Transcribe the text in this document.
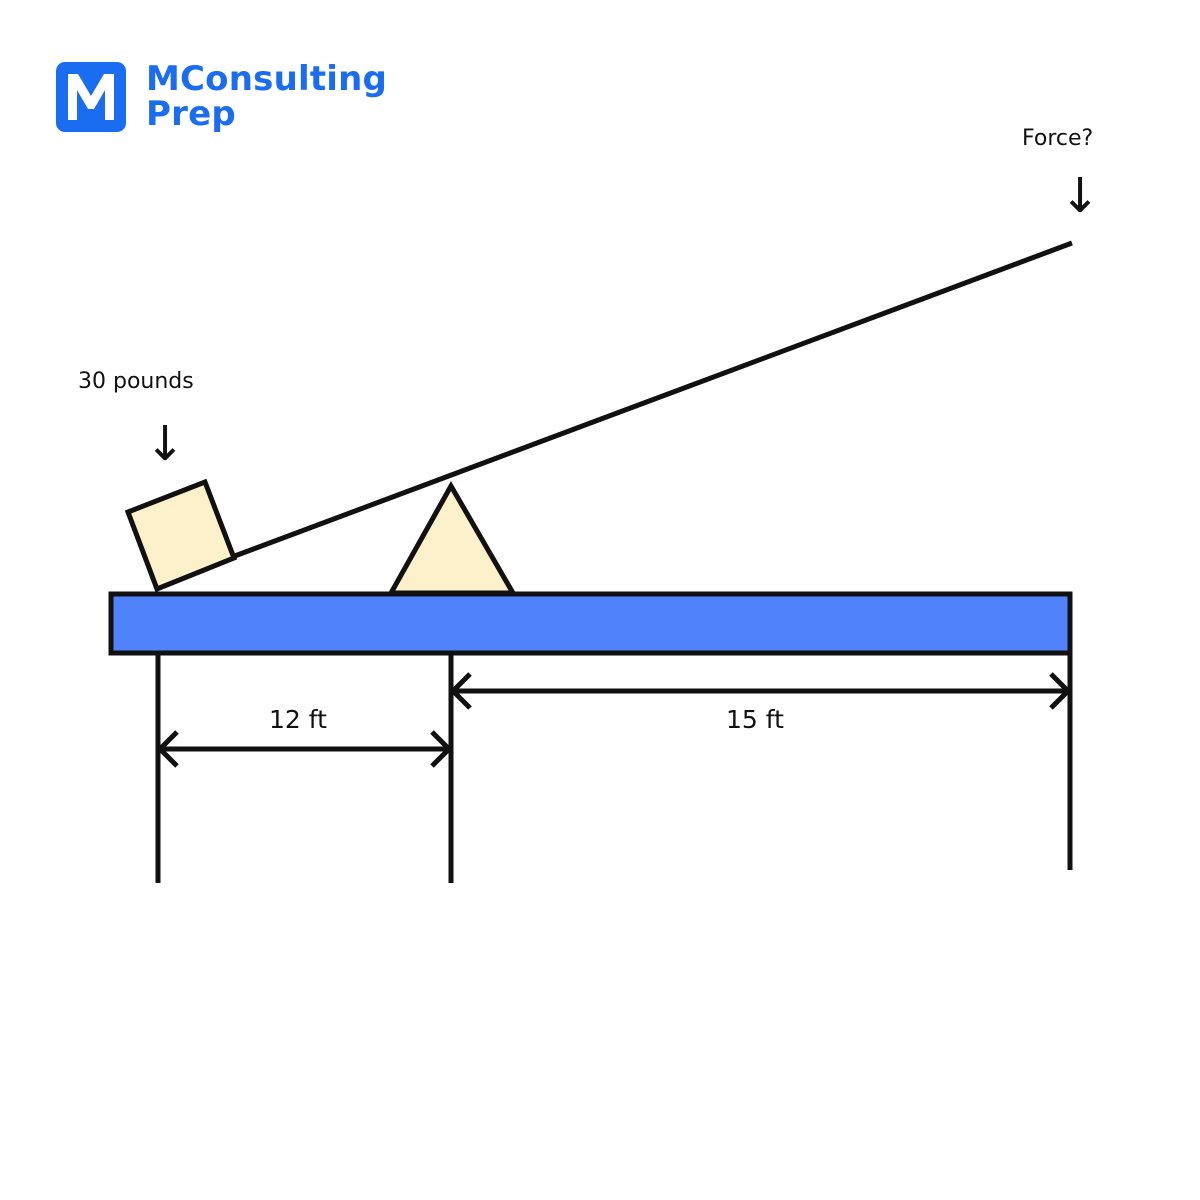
MConsulting
Prep
30 pounds
↓
Force?
↓
12 ft	15 ft
